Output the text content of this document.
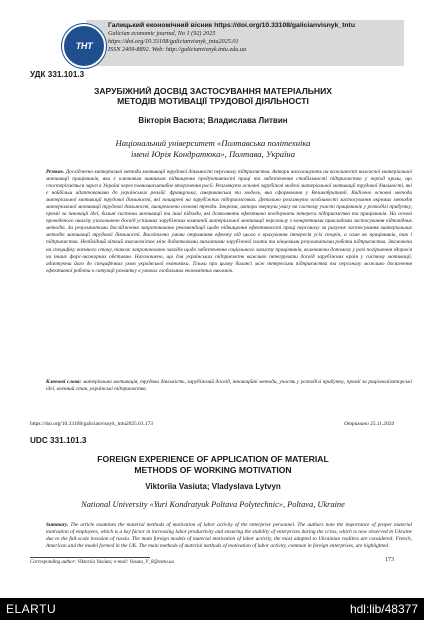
ТНТ
Галицький економічний вісник https://doi.org/10.33108/galicianvisnyk_tntu
Galician economic journal, No 1 (92) 2025
https://doi.org/10.33108/galicianvisnyk_tntu2025.01
ISSN 2409-8892. Web: http://galicianvisnyk.tntu.edu.ua
УДК 331.101.3
ЗАРУБІЖНИЙ ДОСВІД ЗАСТОСУВАННЯ МАТЕРІАЛЬНИХ
МЕТОДІВ МОТИВАЦІЇ ТРУДОВОЇ ДІЯЛЬНОСТІ
Вікторія Васюта; Владислава Литвин
Національний університет «Полтавська політехніка
імені Юрія Кондратюка», Полтава, Україна
Резюме. Досліджено матеріальні методи мотивації трудової діяльності персоналу підприємства. Автори наголошують на важливості належної матеріальної мотивації працівників, яка є ключовим чинником підвищення продуктивності праці та забезпечення стабільності підприємства у період кризи, що спостерігається зараз в Україні через повномасштабне вторгнення росії. Розглянуто основні зарубіжні моделі матеріальної мотивації трудової діяльності, які є найбільш адаптованими до українських реалій: французька, американська та модель, яка сформована у Великобританії. Виділено основні методи матеріальної мотивації трудової діяльності, які поширені на зарубіжних підприємствах. Детально розглянуто особливості застосування окремих методів матеріальної мотивації трудової діяльності, виокремлено основні тренди. Зокрема, автори звернули увагу на систему участі працівників у розподілі прибутку, преміі за інновації ідеї, бальні системи мотивації та інші підходи, які дозволяють ефективно поєднувати інтереси підприємства та працівників. На основі проведеного аналізу узагальнено досвід успішних зарубіжних компаній матеріальної мотивації персоналу з конкретними прикладами застосування відповідних методів. За результатами дослідження запропоновано рекомендації щодо підвищення ефективності праці персоналу за рахунок застосування матеріальних методів мотивації трудової діяльності. Висвітлено умови отримання ефекту від цього є врахування інтересів усіх сторін, а саме як працівників, так і підприємства. Необхідний чіткий взаємозв'язок між додатковими виплатами зарубіжної плати та кінцевими результатами роботи підприємства. Зважаючи на специфіку воєнного стану, також запропоновано заходів щодо забезпечення соціального захисту працівників, включаючи допомогу у разі погіршення здоров'я чи інших форс-мажорних обставин. Наголошено, що для українських підприємств важливо інтегрувати досвід зарубіжних країн у систему мотивації, адаптуючи його до специфічних умов української економіки. Тільки при цьому балансі між інтересами підприємства та персоналу можливо досягнення ефективної роботи в ситуації розвитку в умовах глобальних економічних викликів.
Ключові слова: матеріальна мотивація, трудова діяльність, зарубіжний досвід, інноваційні методи, участь у розподілі прибутку, преміі за раціоналізаторські ідеї, воєнний стан, українські підприємства.
https://doi.org/10.33108/galicianvisnyk_tntu2025.01.173	Отримано 25.11.2024
UDC 331.101.3
FOREIGN EXPERIENCE OF APPLICATION OF MATERIAL
METHODS OF WORKING MOTIVATION
Viktoriia Vasiuta; Vladyslava Lytvyn
National University «Yuri Kondratyuk Poltava Polytechnic», Poltava, Ukraine
Summary. The article examines the material methods of motivation of labor activity of the enterprise personnel. The authors note the importance of proper material motivation of employees, which is a key factor in increasing labor productivity and ensuring the stability of enterprises during the crisis, which is now observed in Ukraine due to the full-scale invasion of russia. The main foreign models of material motivation of labor activity, the most adapted to Ukrainian realities are considered: French, American and the model formed in the UK. The main methods of material methods of motivation of labor activity, common in foreign enterprises, are highlighted.
Corresponding author: Viktoriia Vasiuta; e-mail: Vasuta_V_8@meta.ua	173
ELARTU	hdl:lib/48377
